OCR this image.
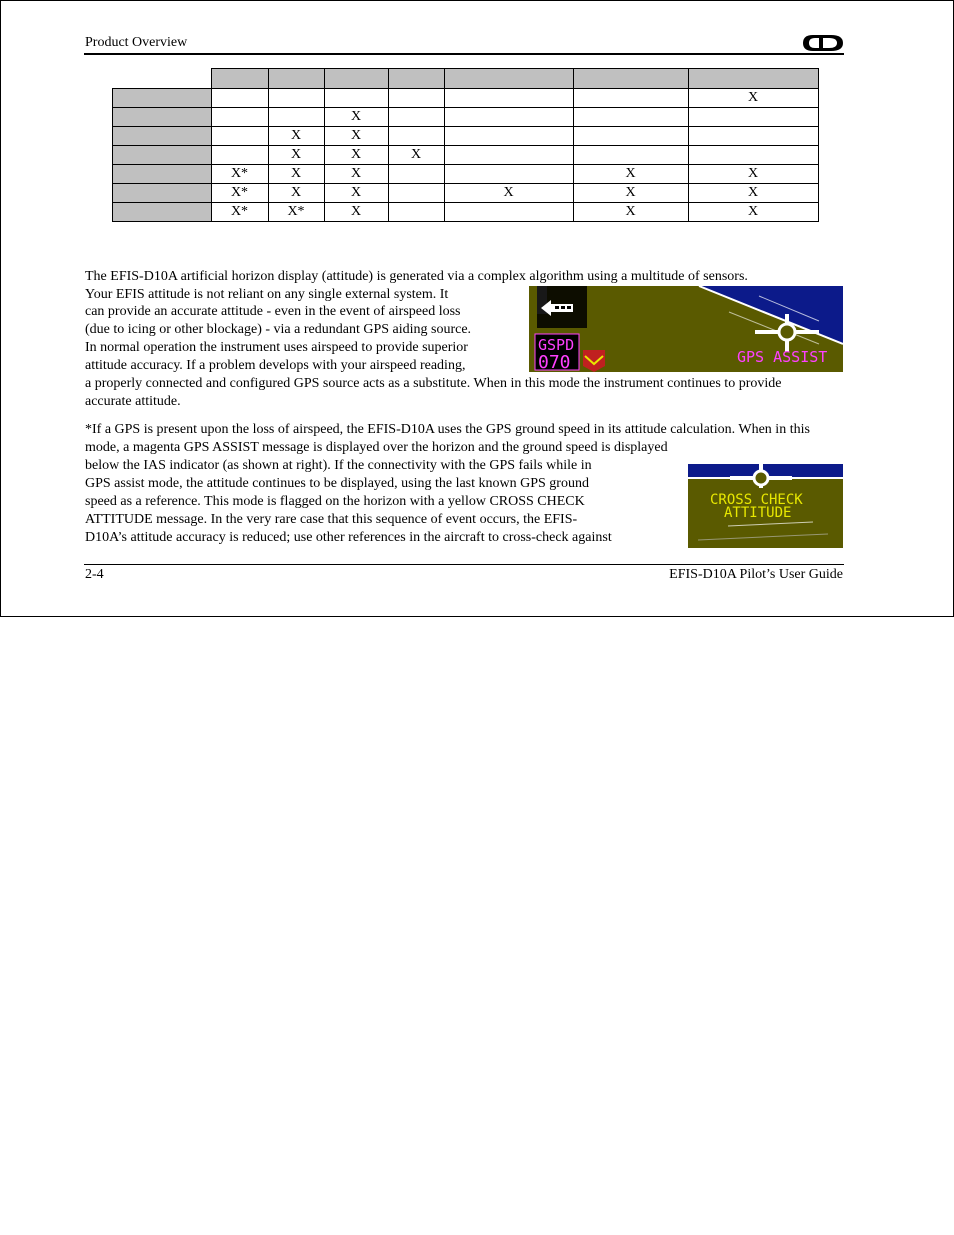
Product Overview

							X
			X				
		X	X				
		X	X	X			
	X*	X	X			X	X
	X*	X	X		X	X	X
	X*	X*	X			X	X

The EFIS-D10A artificial horizon display (attitude) is generated via a complex algorithm using a multitude of sensors.

Your EFIS attitude is not reliant on any single external system. It

can provide an accurate attitude - even in the event of airspeed loss

(due to icing or other blockage) - via a redundant GPS aiding source.

In normal operation the instrument uses airspeed to provide superior

attitude accuracy. If a problem develops with your airspeed reading,

a properly connected and configured GPS source acts as a substitute. When in this mode the instrument continues to provide accurate attitude.

GSPD
070	GPS ASSIST

*If a GPS is present upon the loss of airspeed, the EFIS-D10A uses the GPS ground speed in its attitude calculation. When in this mode, a magenta GPS ASSIST message is displayed over the horizon and the ground speed is displayed

below the IAS indicator (as shown at right). If the connectivity with the GPS fails while in

GPS assist mode, the attitude continues to be displayed, using the last known GPS ground

speed as a reference. This mode is flagged on the horizon with a yellow CROSS CHECK

ATTITUDE message. In the very rare case that this sequence of event occurs, the EFIS-

D10A’s attitude accuracy is reduced; use other references in the aircraft to cross-check against

CROSS CHECK
ATTITUDE
2-4	EFIS-D10A Pilot’s User Guide
